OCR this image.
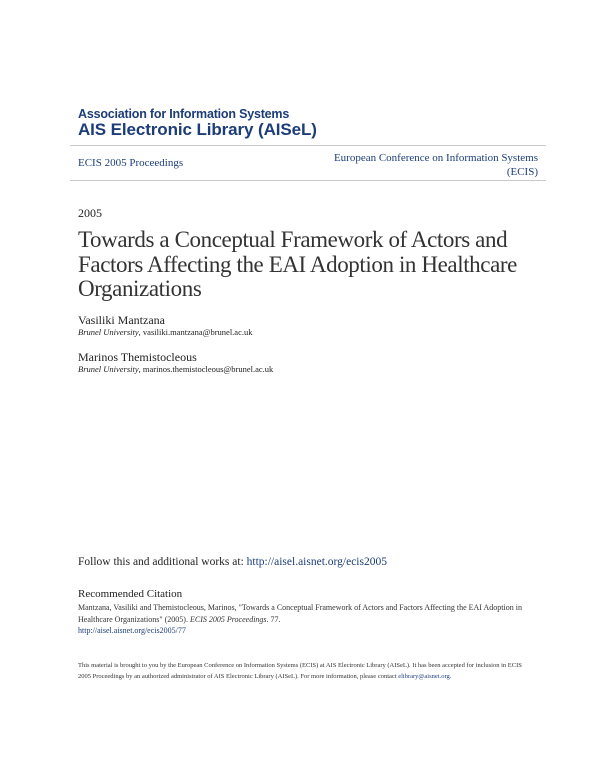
Association for Information Systems
AIS Electronic Library (AISeL)
ECIS 2005 Proceedings	European Conference on Information Systems
(ECIS)
2005
Towards a Conceptual Framework of Actors and Factors Affecting the EAI Adoption in Healthcare Organizations
Vasiliki Mantzana
Brunel University, vasiliki.mantzana@brunel.ac.uk
Marinos Themistocleous
Brunel University, marinos.themistocleous@brunel.ac.uk
Follow this and additional works at: http://aisel.aisnet.org/ecis2005
Recommended Citation
Mantzana, Vasiliki and Themistocleous, Marinos, "Towards a Conceptual Framework of Actors and Factors Affecting the EAI Adoption in Healthcare Organizations" (2005). ECIS 2005 Proceedings. 77.
http://aisel.aisnet.org/ecis2005/77
This material is brought to you by the European Conference on Information Systems (ECIS) at AIS Electronic Library (AISeL). It has been accepted for inclusion in ECIS 2005 Proceedings by an authorized administrator of AIS Electronic Library (AISeL). For more information, please contact elibrary@aisnet.org.
